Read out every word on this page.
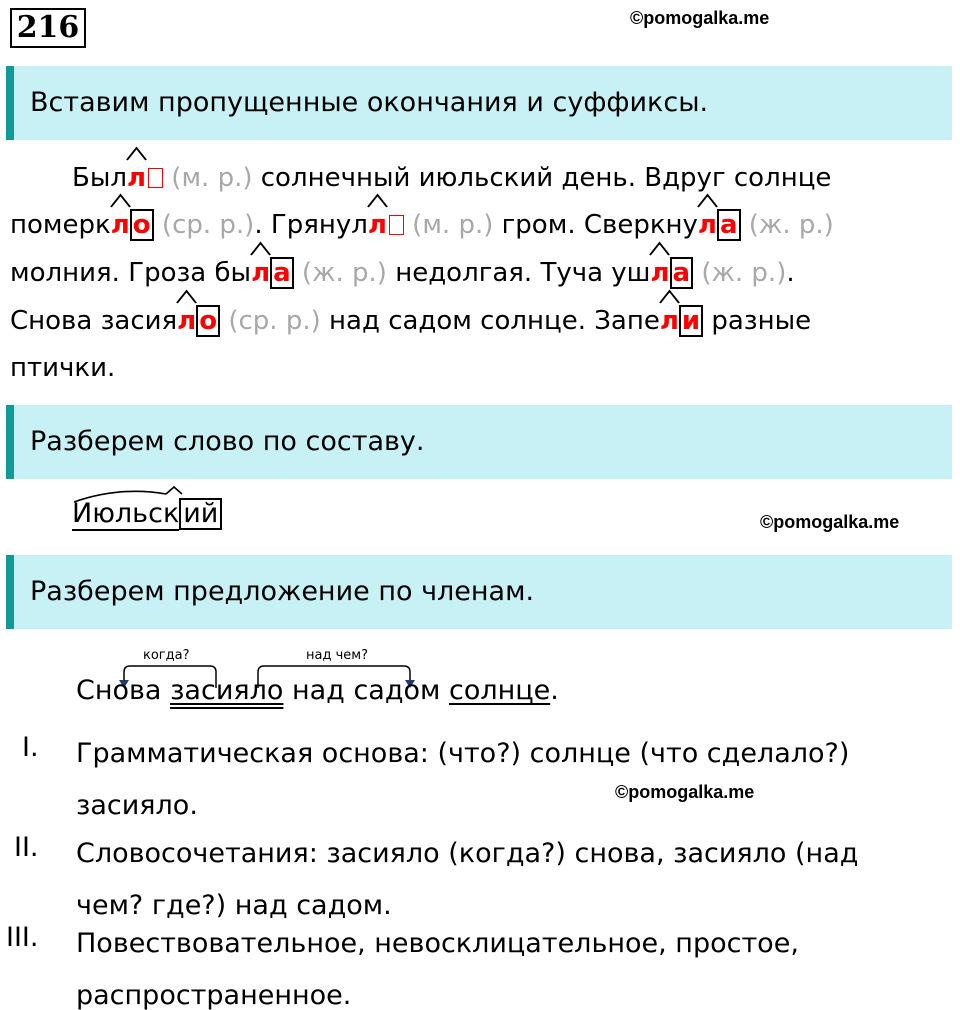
216	©pomogalka.me
Вставим пропущенные окончания и суффиксы.
Был
л (м. р.) солнечный июльский день. Вдруг солнце
померк
л о (ср. р.). Грянул
л (м. р.) гром. Сверкну
л а (ж. р.)
молния. Гроза бы
л а (ж. р.) недолгая. Туча уш
л а (ж. р.).
Снова засия
л о (ср. р.) над садом солнце. Запе
л и разные
птички.
Разберем слово по составу.
Июльск ий	©pomogalka.me
Разберем предложение по членам.
когда?	над чем?
Снова засияло над садом солнце.
I. Грамматическая основа: (что?) солнце (что сделало?) засияло.	©pomogalka.me
II. Словосочетания: засияло (когда?) снова, засияло (над чем? где?) над садом.
III. Повествовательное, невосклицательное, простое, распространенное.
